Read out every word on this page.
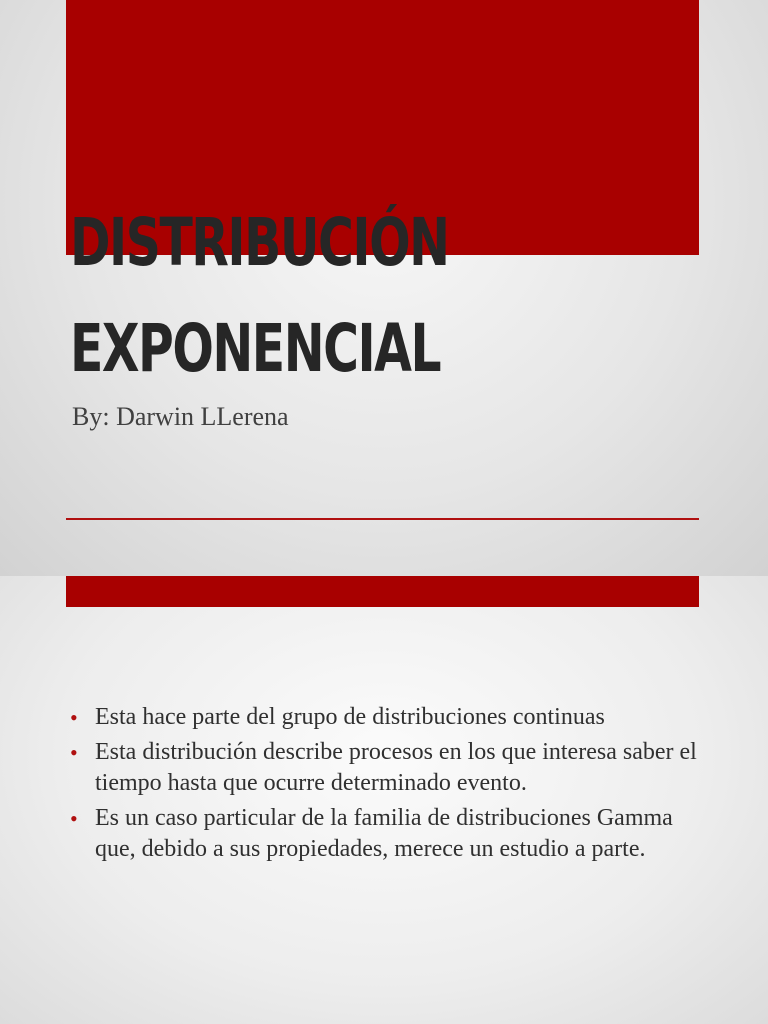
DISTRIBUCIÓN
EXPONENCIAL

By: Darwin LLerena

• Esta hace parte del grupo de distribuciones continuas
• Esta distribución describe procesos en los que interesa saber el tiempo hasta que ocurre determinado evento.
• Es un caso particular de la familia de distribuciones Gamma que, debido a sus propiedades, merece un estudio a parte.
